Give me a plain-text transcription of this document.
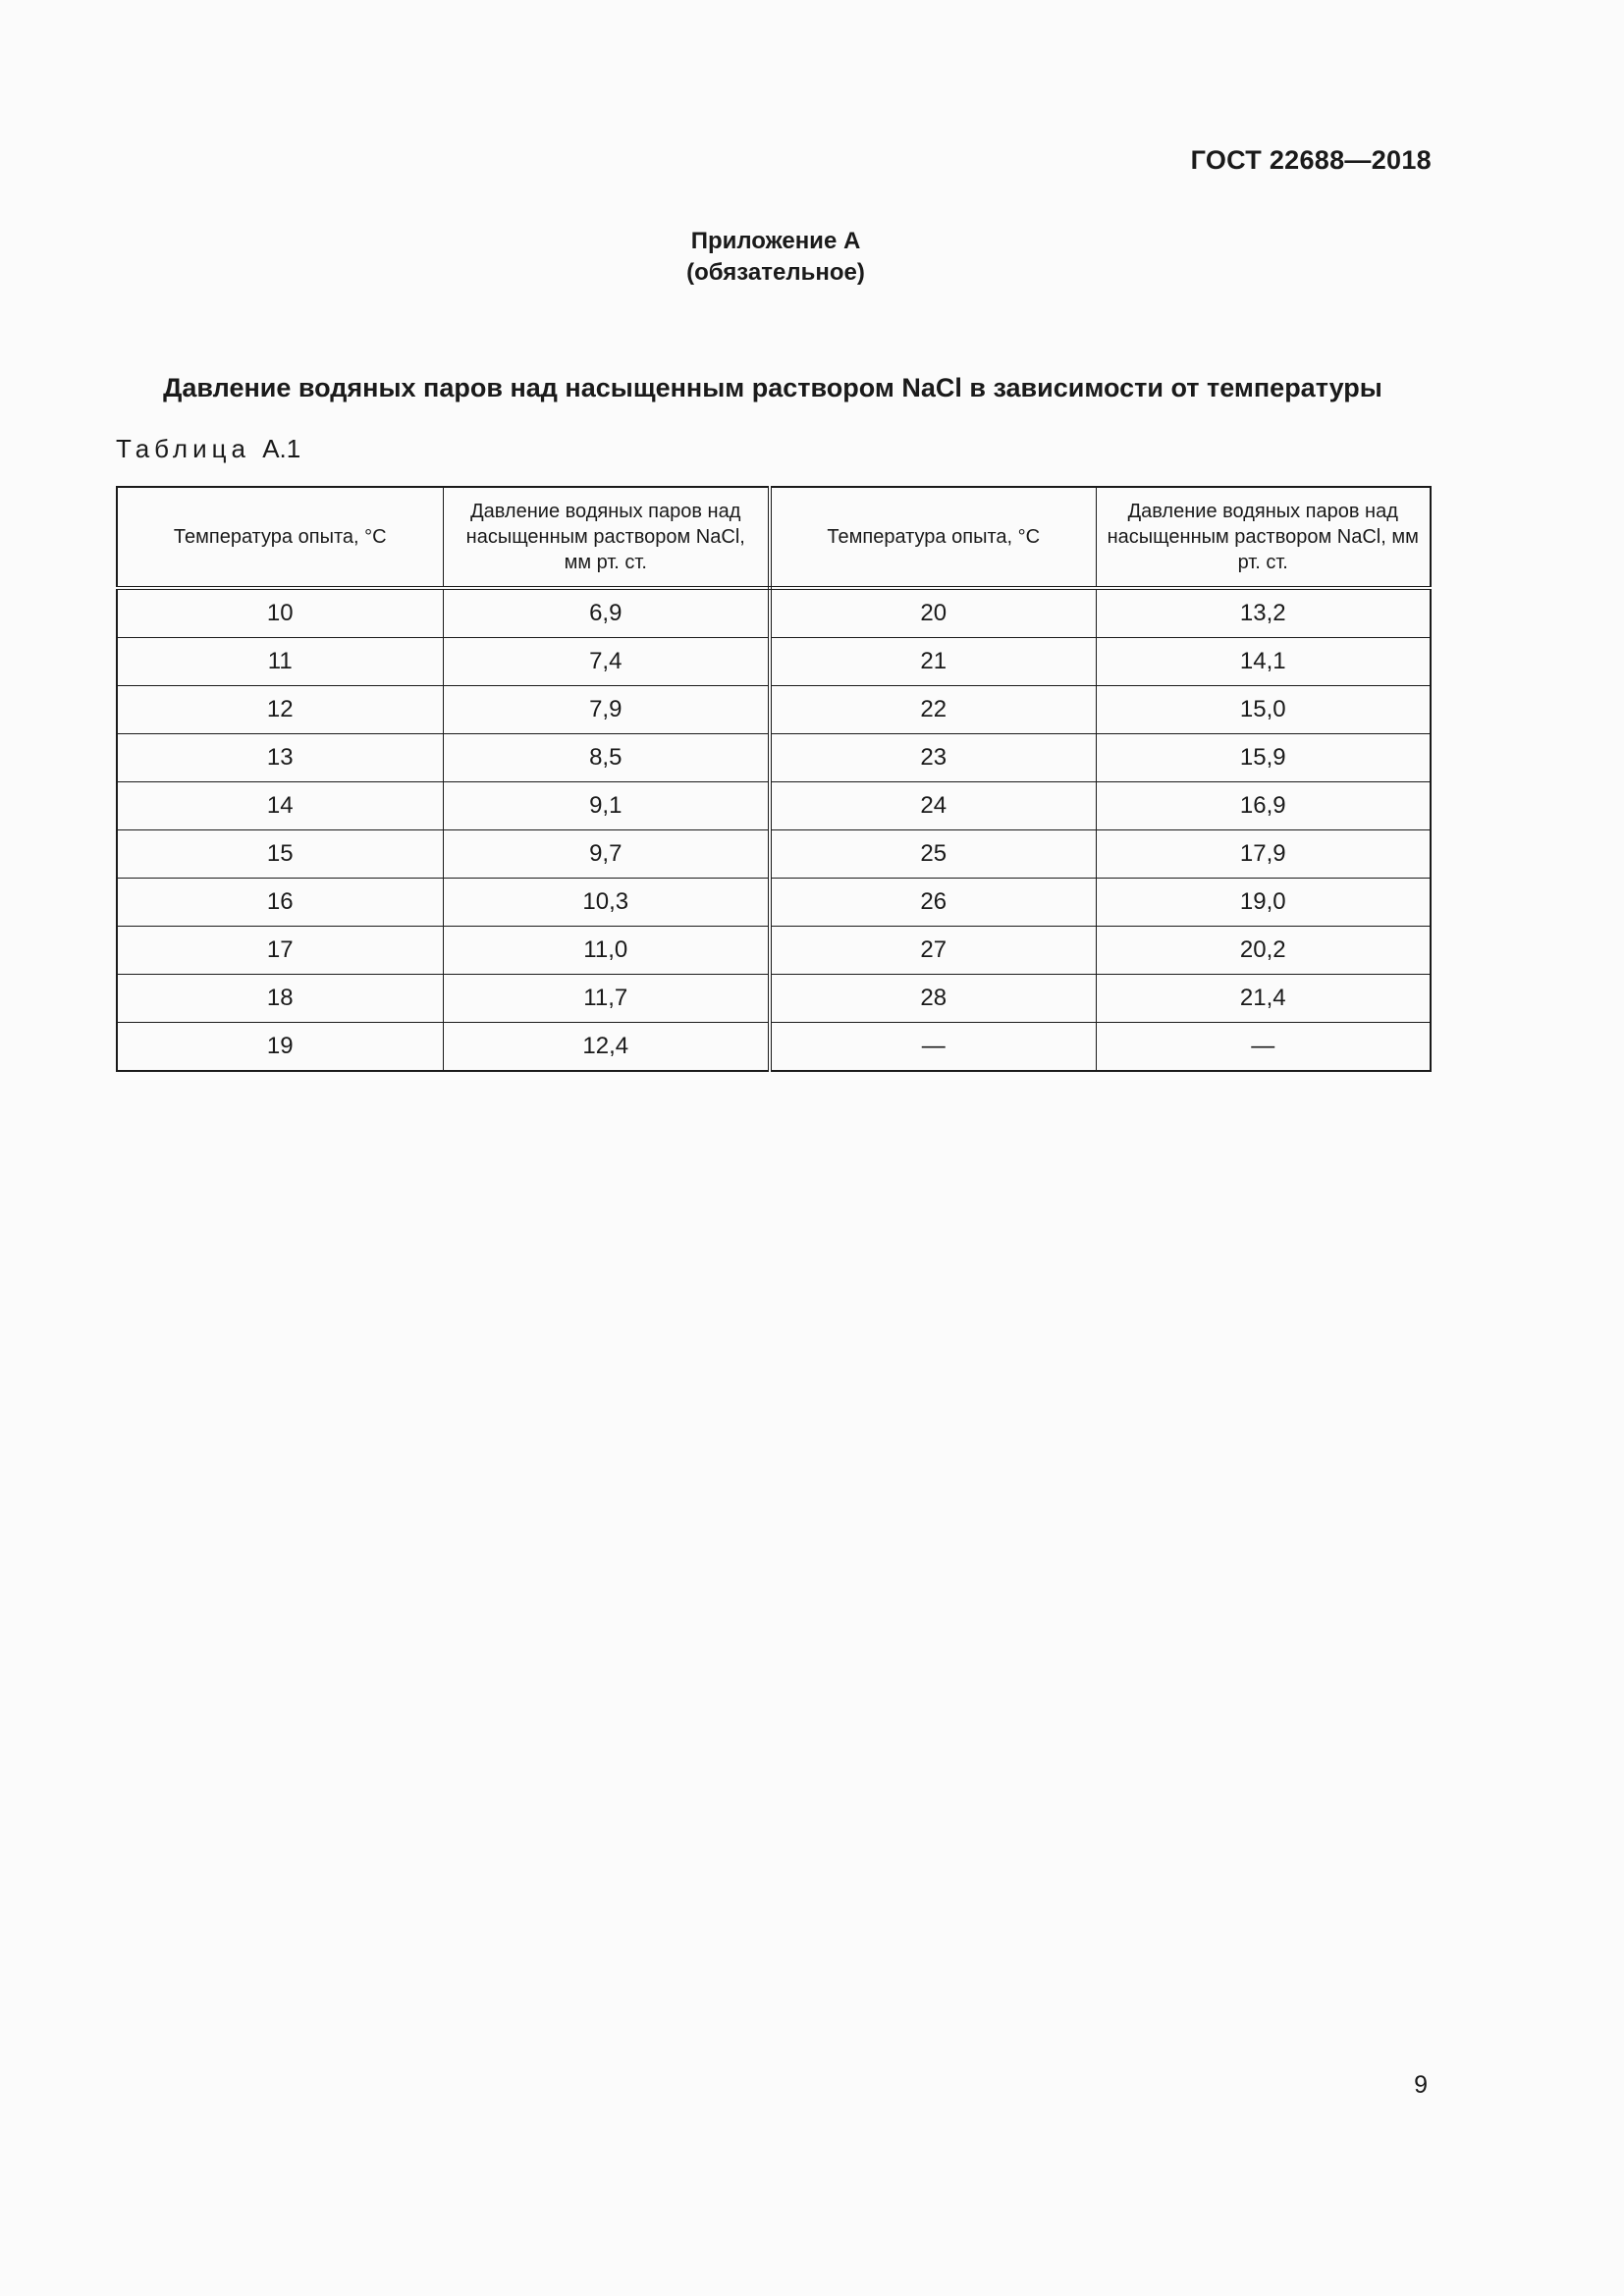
ГОСТ 22688—2018
Приложение А
(обязательное)
Давление водяных паров над насыщенным раствором NaCl в зависимости от температуры
Таблица А.1
Температура опыта, °С	Давление водяных паров над насыщенным раствором NaCl, мм рт. ст.	Температура опыта, °С	Давление водяных паров над насыщенным раствором NaCl, мм рт. ст.
10	6,9	20	13,2
11	7,4	21	14,1
12	7,9	22	15,0
13	8,5	23	15,9
14	9,1	24	16,9
15	9,7	25	17,9
16	10,3	26	19,0
17	11,0	27	20,2
18	11,7	28	21,4
19	12,4	—	—
9
